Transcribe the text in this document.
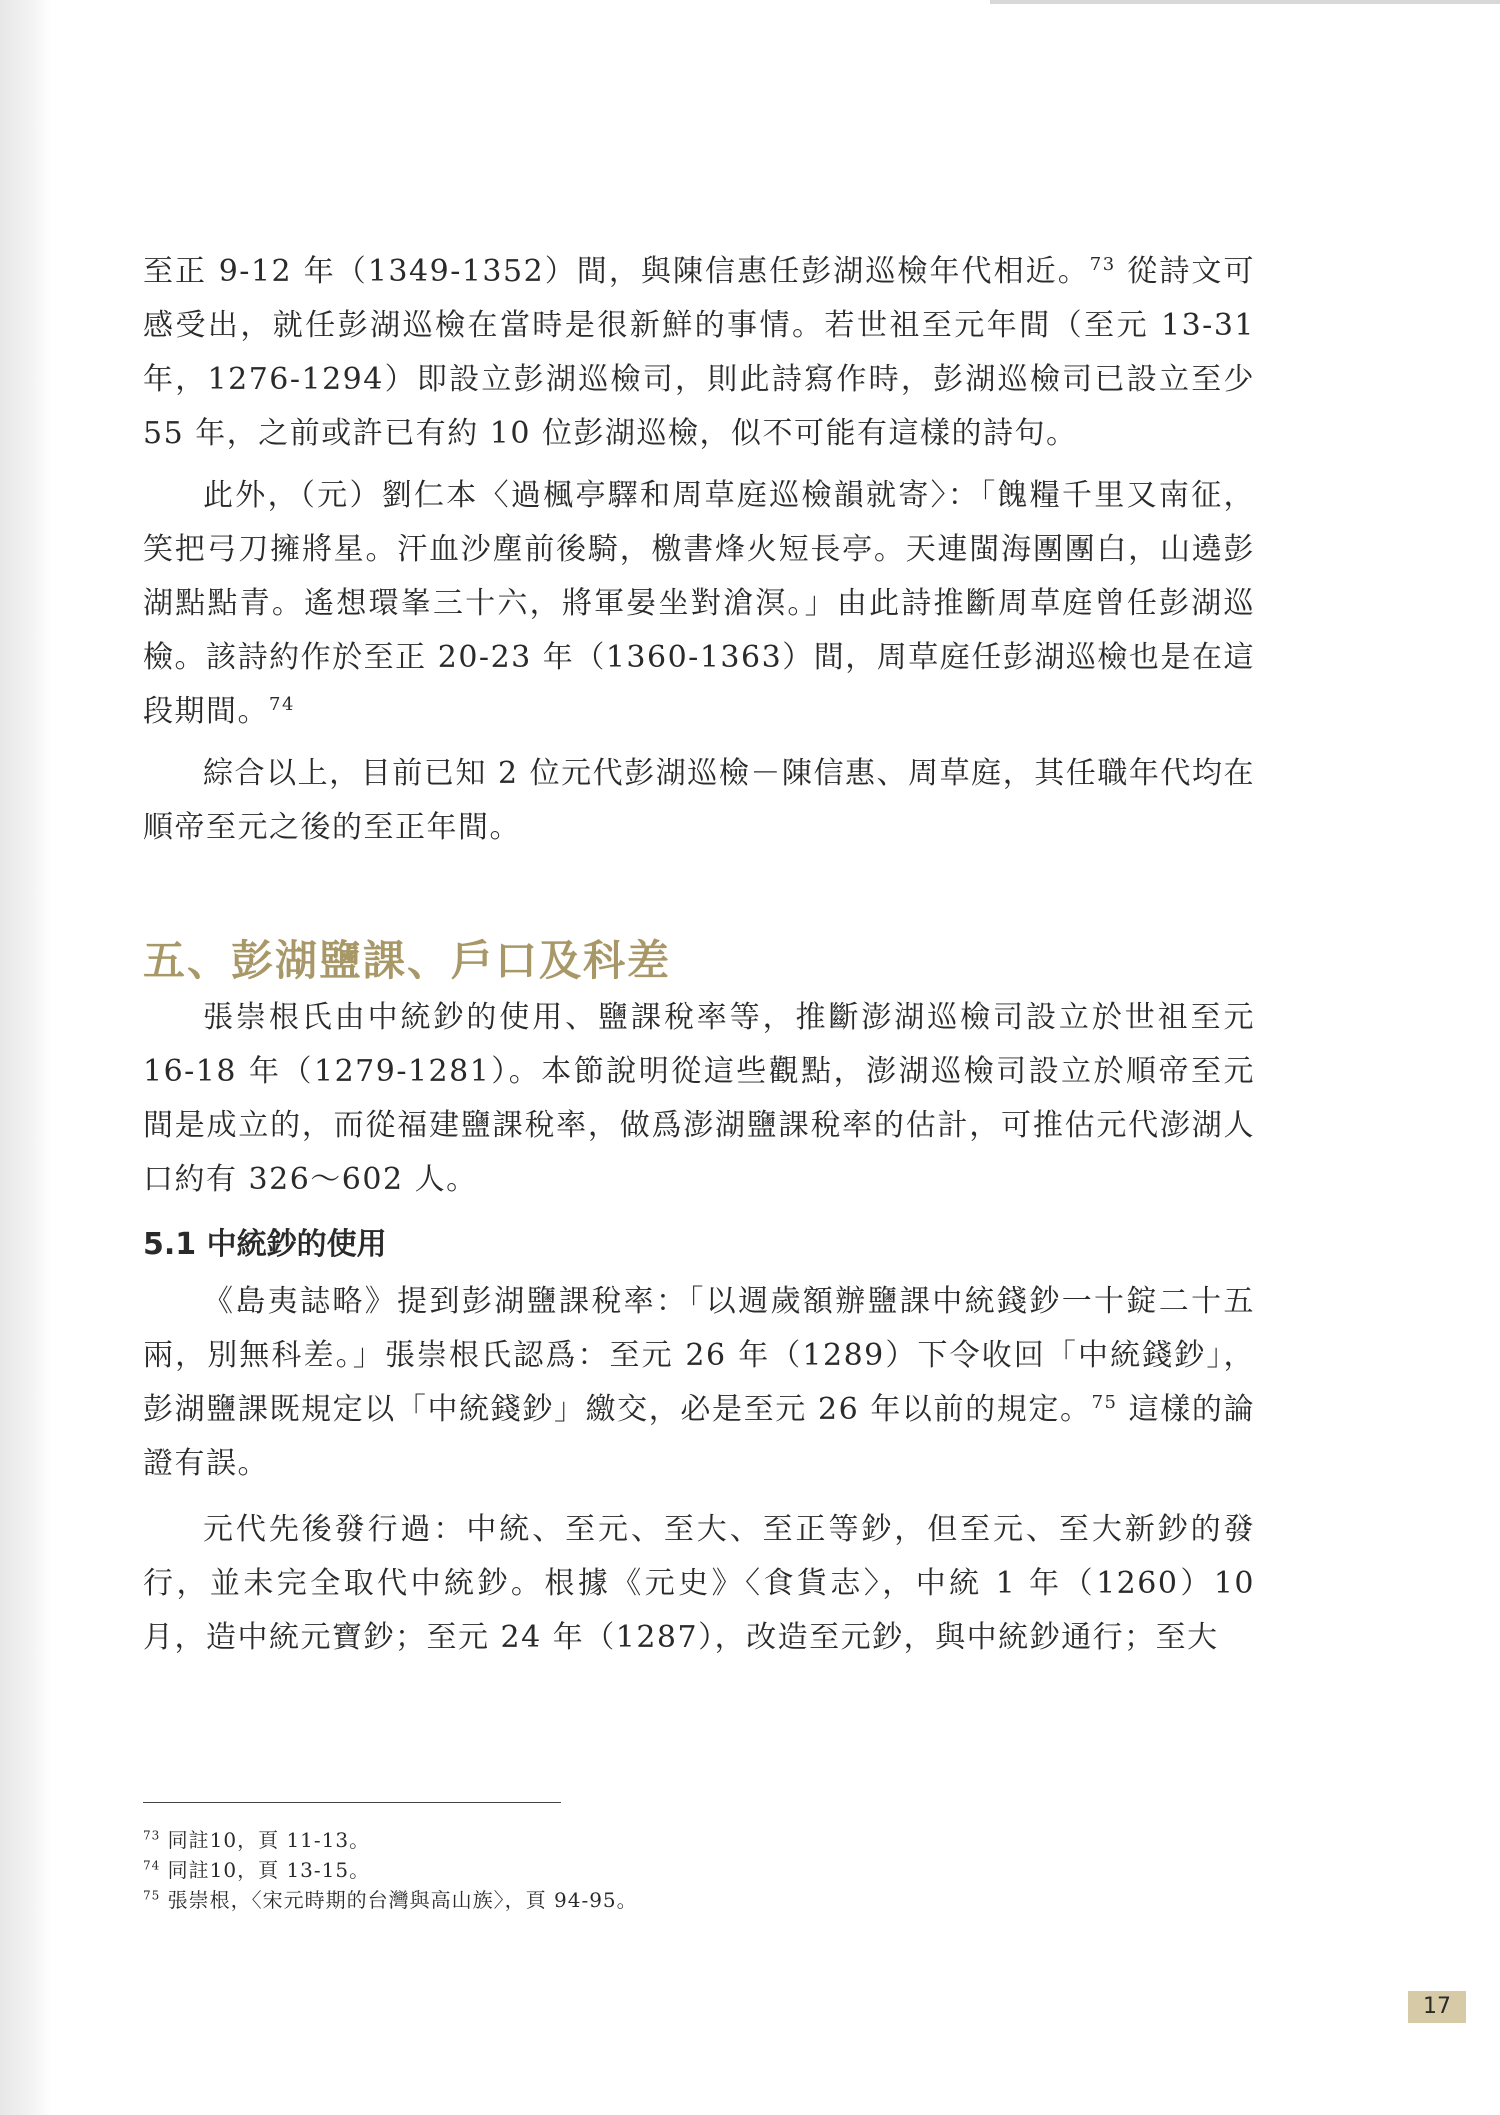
至正 9-12 年（1349-1352）間，與陳信惠任彭湖巡檢年代相近。$^{73}$ 從詩文可感受出，就任彭湖巡檢在當時是很新鮮的事情。若世祖至元年間（至元 13-31 年，1276-1294）即設立彭湖巡檢司，則此詩寫作時，彭湖巡檢司已設立至少 55 年，之前或許已有約 10 位彭湖巡檢，似不可能有這樣的詩句。

此外，（元）劉仁本〈過楓亭驛和周草庭巡檢韻就寄〉：「餽糧千里又南征，笑把弓刀擁將星。汗血沙塵前後騎，檄書烽火短長亭。天連閩海團團白，山遶彭湖點點青。遙想環峯三十六，將軍晏坐對滄溟。」由此詩推斷周草庭曾任彭湖巡檢。該詩約作於至正 20-23 年（1360-1363）間，周草庭任彭湖巡檢也是在這段期間。$^{74}$

綜合以上，目前已知 2 位元代彭湖巡檢－陳信惠、周草庭，其任職年代均在順帝至元之後的至正年間。

五、彭湖鹽課、戶口及科差

張崇根氏由中統鈔的使用、鹽課稅率等，推斷澎湖巡檢司設立於世祖至元 16-18 年（1279-1281）。本節說明從這些觀點，澎湖巡檢司設立於順帝至元間是成立的，而從福建鹽課稅率，做爲澎湖鹽課稅率的估計，可推估元代澎湖人口約有 326～602 人。

5.1 中統鈔的使用

《島夷誌略》提到彭湖鹽課稅率：「以週歲額辦鹽課中統錢鈔一十錠二十五兩，別無科差。」張崇根氏認爲：至元 26 年（1289）下令收回「中統錢鈔」，彭湖鹽課既規定以「中統錢鈔」繳交，必是至元 26 年以前的規定。$^{75}$ 這樣的論證有誤。

元代先後發行過：中統、至元、至大、至正等鈔，但至元、至大新鈔的發行，並未完全取代中統鈔。根據《元史》〈食貨志〉，中統 1 年（1260）10 月，造中統元寶鈔；至元 24 年（1287），改造至元鈔，與中統鈔通行；至大

$^{73}$ 同註10，頁 11-13。

$^{74}$ 同註10，頁 13-15。

$^{75}$ 張崇根，〈宋元時期的台灣與高山族〉，頁 94-95。

17
